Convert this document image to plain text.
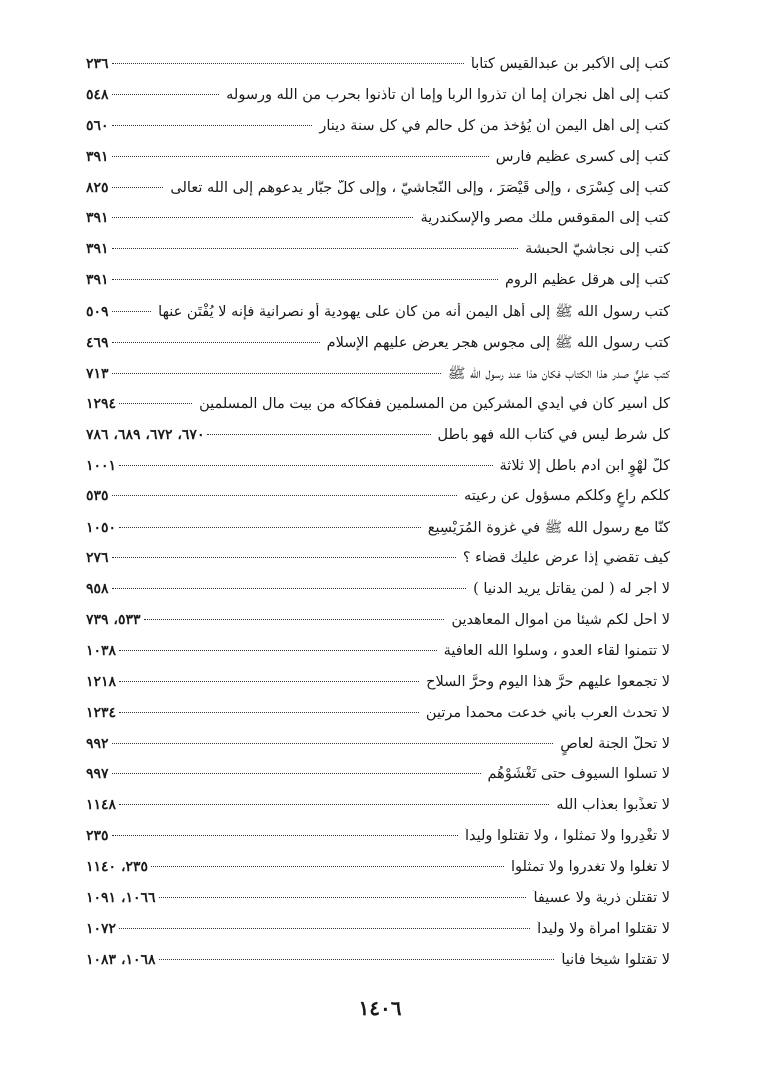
كتب إلى الأكبر بن عبدالقيس كتاباً
٢٣٦
كتب إلى أهل نجران إما أن تذروا الربا وإما أن تأذنوا بحرب من الله ورسوله
٥٤٨
كتب إلى أهل اليمن أن يُؤخذ من كل حالم في كل سنة دينار
٥٦٠
كتب إلى كسرى عظيم فارس
٣٩١
كتب إلى كِسْرَى ، وإلى قَيْصَرَ ، وإلى النَّجاشيّ ، وإلى كلّ جبَّار يدعوهم إلى الله تعالى
٨٢٥
كتب إلى المقوقس ملك مصر والإسكندرية
٣٩١
كتب إلى نجاشيّ الحبشة
٣٩١
كتب إلى هرقل عظيم الروم
٣٩١
كتب رسول الله ﷺ إلى أهل اليمن أنه من كان على يهودية أو نصرانية فإنه لا يُفْتَن عنها
٥٠٩
كتب رسول الله ﷺ إلى مجوس هجر يعرض عليهم الإسلام
٤٦٩
كتب عليٌّ صدر هذا الكتاب فكان هذا عند رسول الله ﷺ
٧١٣
كل أسير كان في أيدي المشركين من المسلمين ففكاكه من بيت مال المسلمين
١٢٩٤
كل شرط ليس في كتاب الله فهو باطل
٦٧٠، ٦٧٢، ٦٨٩، ٧٨٦
كلُّ لَهْوٍ ابن آدم باطل إلا ثلاثة
١٠٠١
كلُّكم راعٍ وكلكم مسؤول عن رعيته
٥٣٥
كنّا مع رسول الله ﷺ في غزوة المُرَيْسِيع
١٠٥٠
كيف تقضي إذا عرض عليك قضاء ؟
٢٧٦
لا أجر له ( لمن يقاتل يريد الدنيا )
٩٥٨
لا أحل لكم شيئاً من أموال المعاهدين
٥٣٣، ٧٣٩
لا تتمنوا لقاء العدو ، وسلوا الله العافية
١٠٣٨
لا تجمعوا عليهم حرَّ هذا اليوم وحرَّ السلاح
١٢١٨
لا تحدث العرب بأني خدعت محمداً مرتين
١٢٣٤
لا تحلّ الجنة لعاصٍ
٩٩٢
لا تسلُّوا السيوف حتى تَغْشَوْهُم
٩٩٧
لا تعذِّبوا بعذاب الله
١١٤٨
لا تغْدِروا ولا تمثلوا ، ولا تقتلوا وليداً
٢٣٥
لا تغلوا ولا تغدروا ولا تمثلوا
٢٣٥، ١١٤٠
لا تقتلن ذرية ولا عسيفاً
١٠٦٦، ١٠٩١
لا تقتلوا امرأة ولا وليداً
١٠٧٢
لا تقتلوا شيخاً فانياً
١٠٦٨، ١٠٨٣
١٤٠٦
